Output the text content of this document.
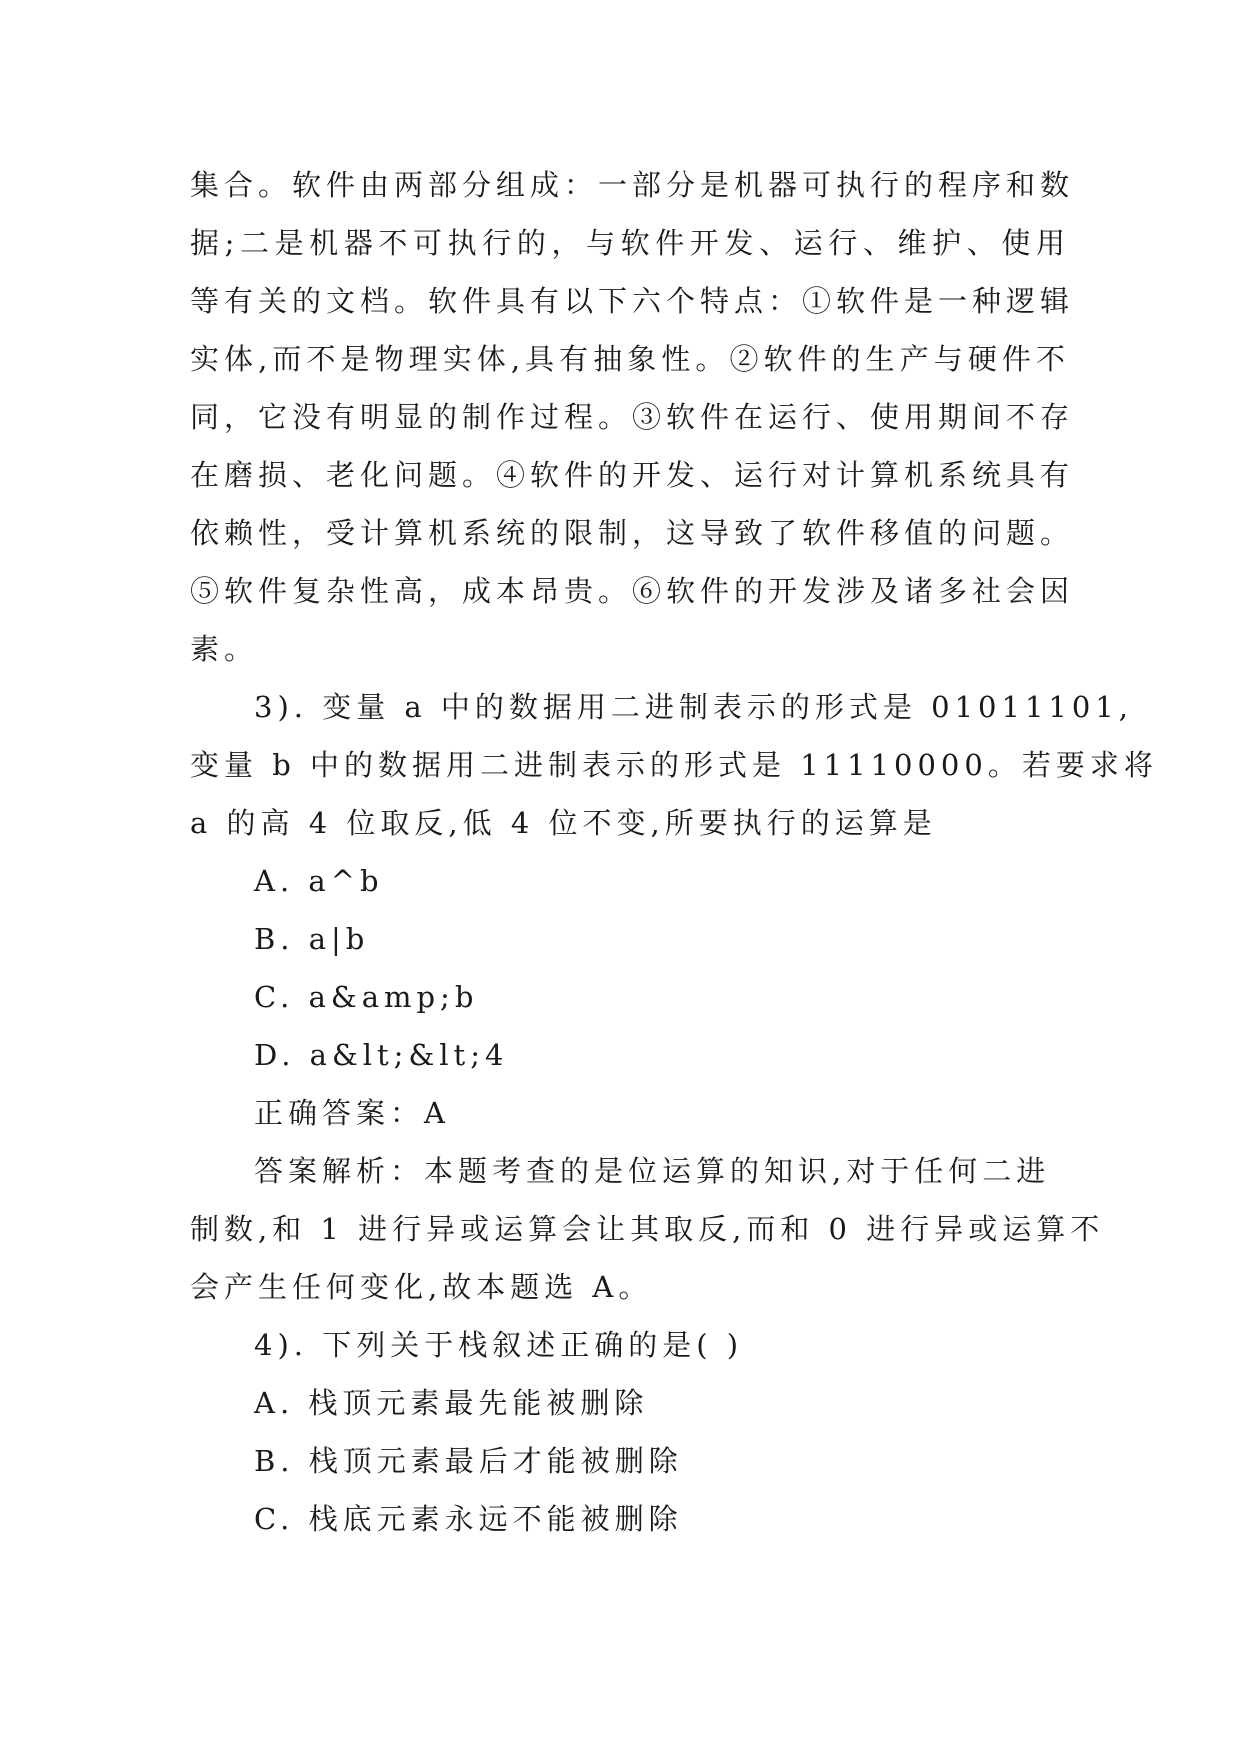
集合。软件由两部分组成：一部分是机器可执行的程序和数
据;二是机器不可执行的，与软件开发、运行、维护、使用
等有关的文档。软件具有以下六个特点：①软件是一种逻辑
实体,而不是物理实体,具有抽象性。②软件的生产与硬件不
同，它没有明显的制作过程。③软件在运行、使用期间不存
在磨损、老化问题。④软件的开发、运行对计算机系统具有
依赖性，受计算机系统的限制，这导致了软件移值的问题。
⑤软件复杂性高，成本昂贵。⑥软件的开发涉及诸多社会因
素。
3). 变量 a 中的数据用二进制表示的形式是 01011101,
变量 b 中的数据用二进制表示的形式是 11110000。若要求将
a 的高 4 位取反,低 4 位不变,所要执行的运算是
A. a^b
B. a|b
C. a&amp;b
D. a&lt;&lt;4
正确答案：A
答案解析：本题考查的是位运算的知识,对于任何二进
制数,和 1 进行异或运算会让其取反,而和 0 进行异或运算不
会产生任何变化,故本题选 A。
4). 下列关于栈叙述正确的是( )
A. 栈顶元素最先能被删除
B. 栈顶元素最后才能被删除
C. 栈底元素永远不能被删除
